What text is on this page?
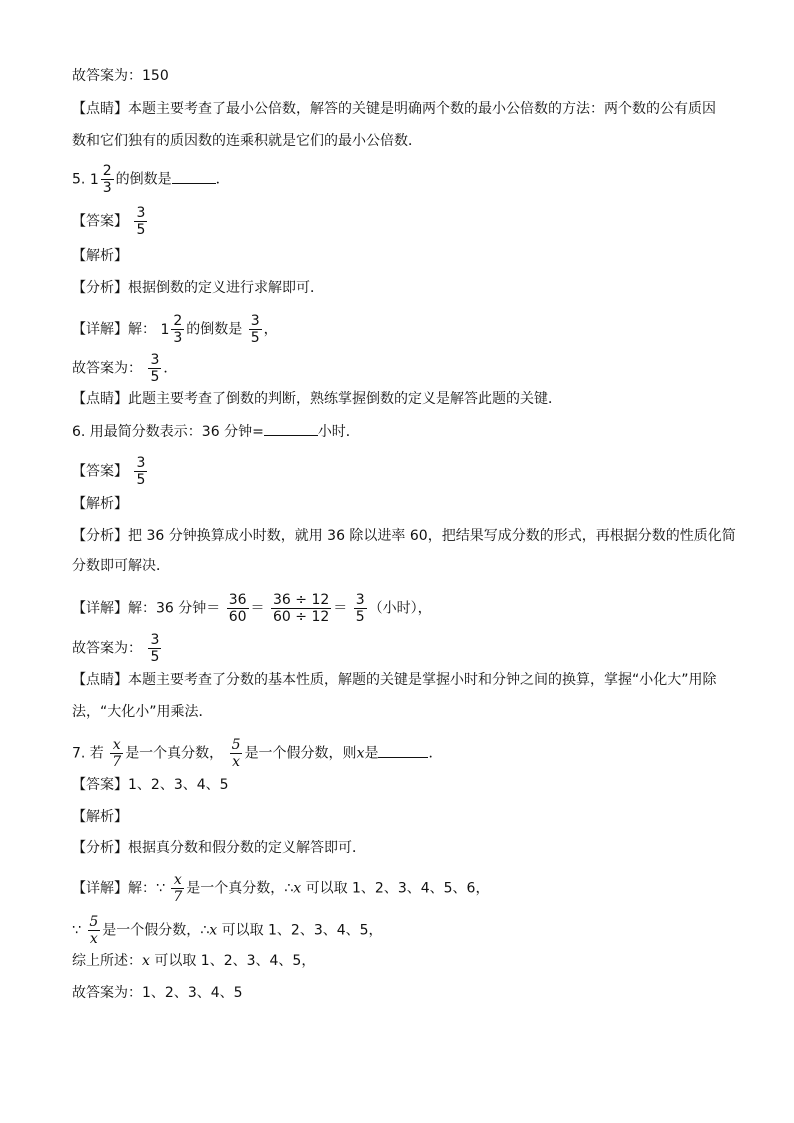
故答案为：150
【点睛】本题主要考查了最小公倍数，解答的关键是明确两个数的最小公倍数的方法：两个数的公有质因
数和它们独有的质因数的连乘积就是它们的最小公倍数．
5. $1 \frac{2}{3}$ 的倒数是	．
【答案】 $\frac{3}{5}$
【解析】
【分析】根据倒数的定义进行求解即可．
【详解】解： $1 \frac{2}{3}$ 的倒数是 $\frac{3}{5}$ ，
故答案为： $\frac{3}{5}$ ．
【点睛】此题主要考查了倒数的判断，熟练掌握倒数的定义是解答此题的关键．
6. 用最简分数表示：36 分钟=	小时．
【答案】 $\frac{3}{5}$
【解析】
【分析】把 36 分钟换算成小时数，就用 36 除以进率 60，把结果写成分数的形式，再根据分数的性质化简
分数即可解决．
【详解】解：36 分钟＝ $\frac{36}{60} = \frac{36 \div 12}{60 \div 12} = \frac{3}{5}$ （小时），
故答案为： $\frac{3}{5}$
【点睛】本题主要考查了分数的基本性质，解题的关键是掌握小时和分钟之间的换算，掌握“小化大”用除
法，“大化小”用乘法．
7. 若 $\frac{x}{7}$ 是一个真分数， $\frac{5}{x}$ 是一个假分数，则x是	．
【答案】1、2、3、4、5
【解析】
【分析】根据真分数和假分数的定义解答即可．
【详解】解：∵ $\frac{x}{7}$ 是一个真分数，∴x 可以取 1、2、3、4、5、6，
∵ $\frac{5}{x}$ 是一个假分数，∴x 可以取 1、2、3、4、5，
综上所述：x 可以取 1、2、3、4、5，
故答案为：1、2、3、4、5
